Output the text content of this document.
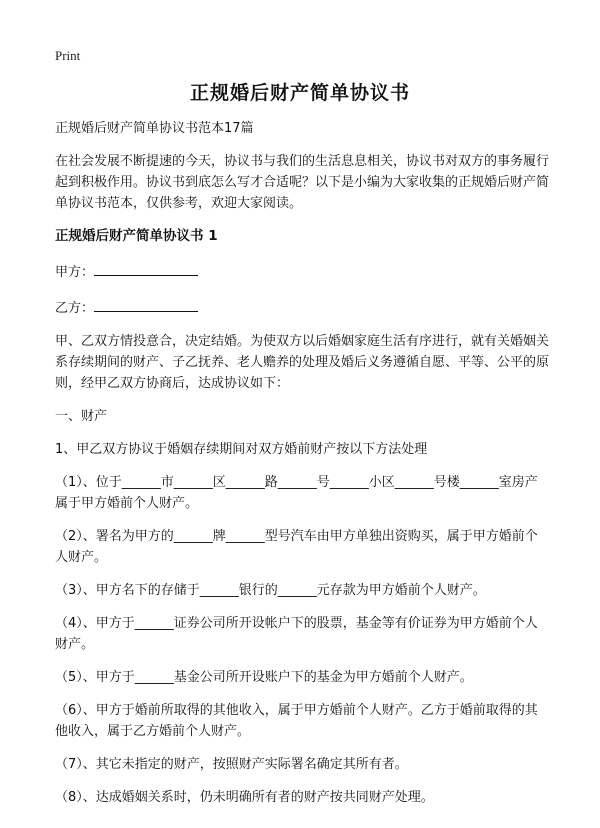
Print
正规婚后财产简单协议书

正规婚后财产简单协议书范本17篇

在社会发展不断提速的今天，协议书与我们的生活息息相关，协议书对双方的事务履行起到积极作用。协议书到底怎么写才合适呢？以下是小编为大家收集的正规婚后财产简单协议书范本，仅供参考，欢迎大家阅读。

正规婚后财产简单协议书 1

甲方：

乙方：

甲、乙双方情投意合，决定结婚。为使双方以后婚姻家庭生活有序进行，就有关婚姻关系存续期间的财产、子乙抚养、老人赡养的处理及婚后义务遵循自愿、平等、公平的原则，经甲乙双方协商后，达成协议如下：

一、财产

1、甲乙双方协议于婚姻存续期间对双方婚前财产按以下方法处理

（1）、位于______市______区______路______号______小区______号楼______室房产属于甲方婚前个人财产。

（2）、署名为甲方的______牌______型号汽车由甲方单独出资购买，属于甲方婚前个人财产。

（3）、甲方名下的存储于______银行的______元存款为甲方婚前个人财产。

（4）、甲方于______证券公司所开设帐户下的股票，基金等有价证券为甲方婚前个人财产。

（5）、甲方于______基金公司所开设账户下的基金为甲方婚前个人财产。

（6）、甲方于婚前所取得的其他收入，属于甲方婚前个人财产。乙方于婚前取得的其他收入，属于乙方婚前个人财产。

（7）、其它未指定的财产，按照财产实际署名确定其所有者。

（8）、达成婚姻关系时，仍未明确所有者的财产按共同财产处理。
